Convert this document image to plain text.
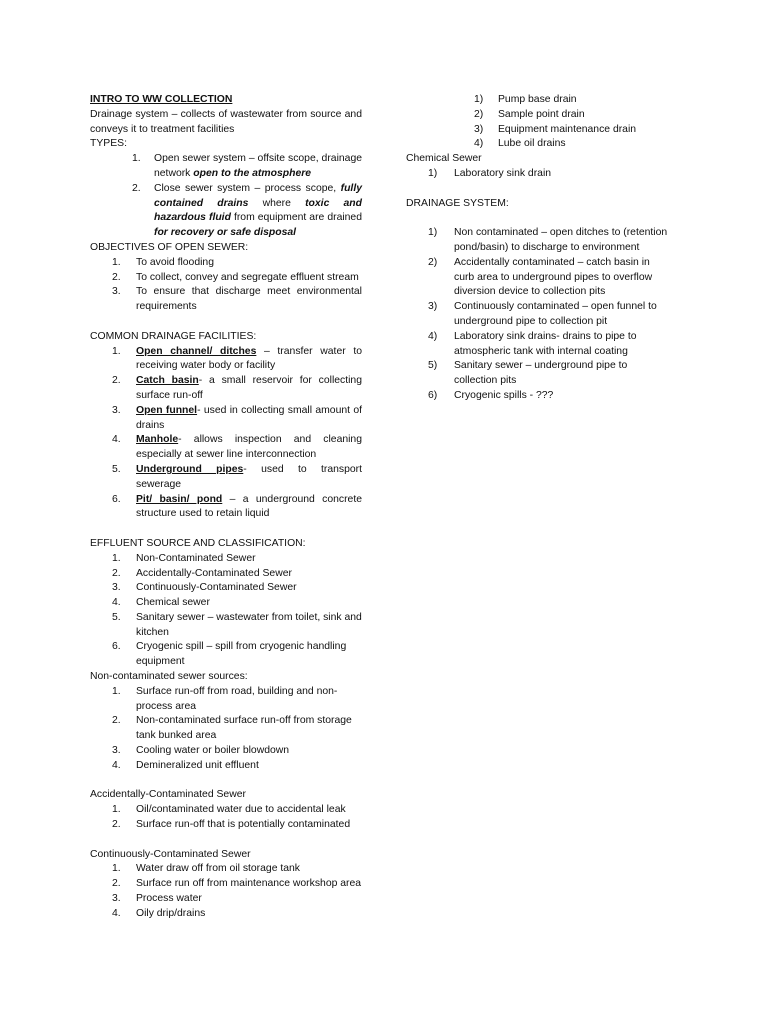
INTRO TO WW COLLECTION
Drainage system – collects of wastewater from source and conveys it to treatment facilities
TYPES:
1.	Open sewer system – offsite scope, drainage network open to the atmosphere
2.	Close sewer system – process scope, fully contained drains where toxic and hazardous fluid from equipment are drained for recovery or safe disposal
OBJECTIVES OF OPEN SEWER:
1.	To avoid flooding
2.	To collect, convey and segregate effluent stream
3.	To ensure that discharge meet environmental requirements
COMMON DRAINAGE FACILITIES:
1.	Open channel/ ditches – transfer water to receiving water body or facility
2.	Catch basin- a small reservoir for collecting surface run-off
3.	Open funnel- used in collecting small amount of drains
4.	Manhole- allows inspection and cleaning especially at sewer line interconnection
5.	Underground pipes- used to transport sewerage
6.	Pit/ basin/ pond – a underground concrete structure used to retain liquid
EFFLUENT SOURCE AND CLASSIFICATION:
1.	Non-Contaminated Sewer
2.	Accidentally-Contaminated Sewer
3.	Continuously-Contaminated Sewer
4.	Chemical sewer
5.	Sanitary sewer – wastewater from toilet, sink and kitchen
6.	Cryogenic spill – spill from cryogenic handling equipment
Non-contaminated sewer sources:
1.	Surface run-off from road, building and non-process area
2.	Non-contaminated surface run-off from storage tank bunked area
3.	Cooling water or boiler blowdown
4.	Demineralized unit effluent
Accidentally-Contaminated Sewer
1.	Oil/contaminated water due to accidental leak
2.	Surface run-off that is potentially contaminated
Continuously-Contaminated Sewer
1.	Water draw off from oil storage tank
2.	Surface run off from maintenance workshop area
3.	Process water
4.	Oily drip/drains
1)	Pump base drain
2)	Sample point drain
3)	Equipment maintenance drain
4)	Lube oil drains
Chemical Sewer
1)	Laboratory sink drain
DRAINAGE SYSTEM:
1)	Non contaminated – open ditches to (retention pond/basin) to discharge to environment
2)	Accidentally contaminated – catch basin in curb area to underground pipes to overflow diversion device to collection pits
3)	Continuously contaminated – open funnel to underground pipe to collection pit
4)	Laboratory sink drains- drains to pipe to atmospheric tank with internal coating
5)	Sanitary sewer – underground pipe to collection pits
6)	Cryogenic spills - ???
